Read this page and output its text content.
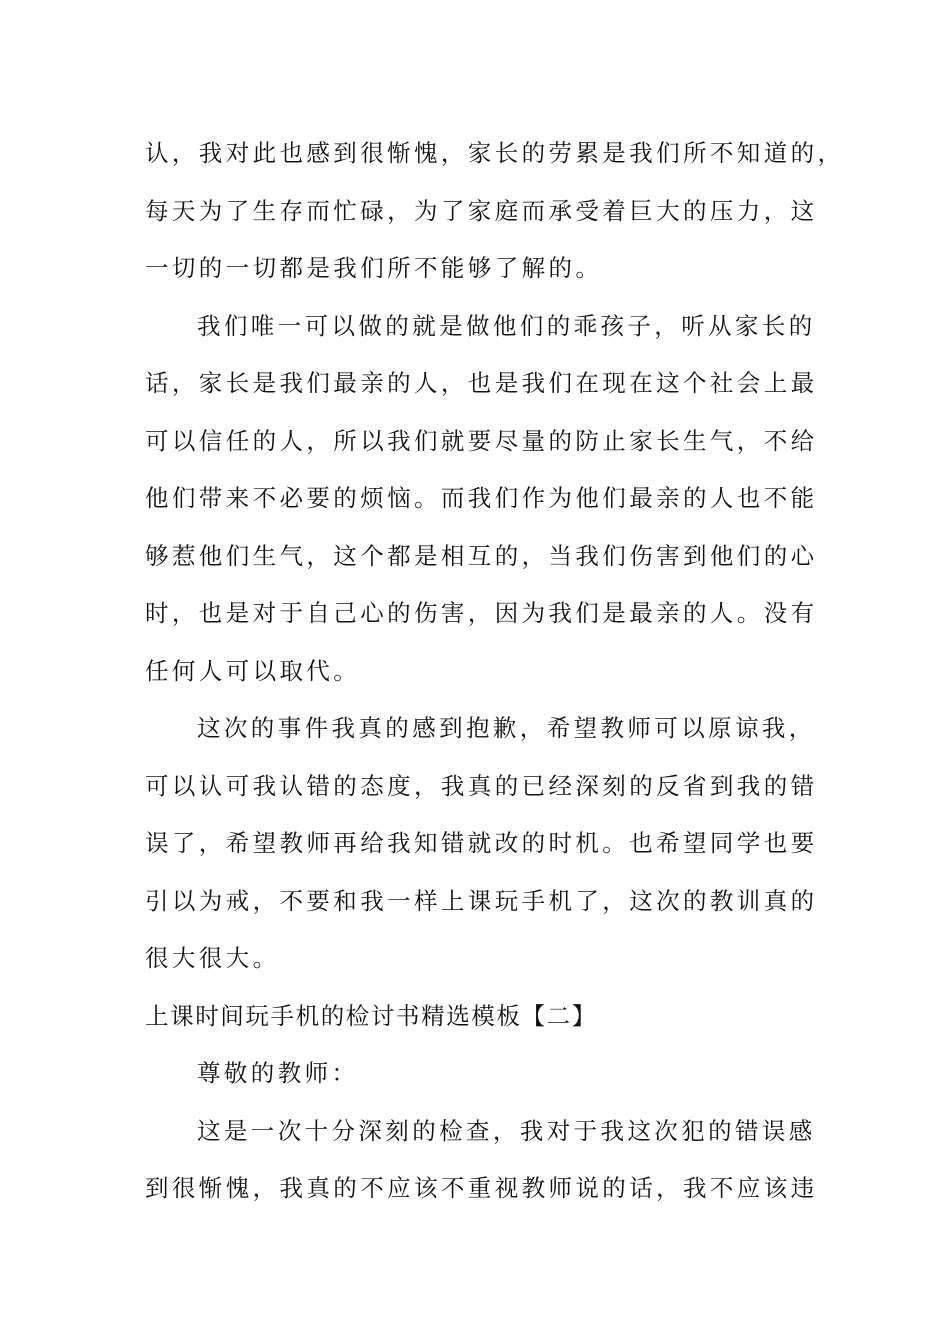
认，我对此也感到很惭愧，家长的劳累是我们所不知道的，
每天为了生存而忙碌，为了家庭而承受着巨大的压力，这
一切的一切都是我们所不能够了解的。
我们唯一可以做的就是做他们的乖孩子，听从家长的
话，家长是我们最亲的人，也是我们在现在这个社会上最
可以信任的人，所以我们就要尽量的防止家长生气，不给
他们带来不必要的烦恼。而我们作为他们最亲的人也不能
够惹他们生气，这个都是相互的，当我们伤害到他们的心
时，也是对于自己心的伤害，因为我们是最亲的人。没有
任何人可以取代。
这次的事件我真的感到抱歉，希望教师可以原谅我，
可以认可我认错的态度，我真的已经深刻的反省到我的错
误了，希望教师再给我知错就改的时机。也希望同学也要
引以为戒，不要和我一样上课玩手机了，这次的教训真的
很大很大。
上课时间玩手机的检讨书精选模板【二】
尊敬的教师：
这是一次十分深刻的检查，我对于我这次犯的错误感
到很惭愧，我真的不应该不重视教师说的话，我不应该违
